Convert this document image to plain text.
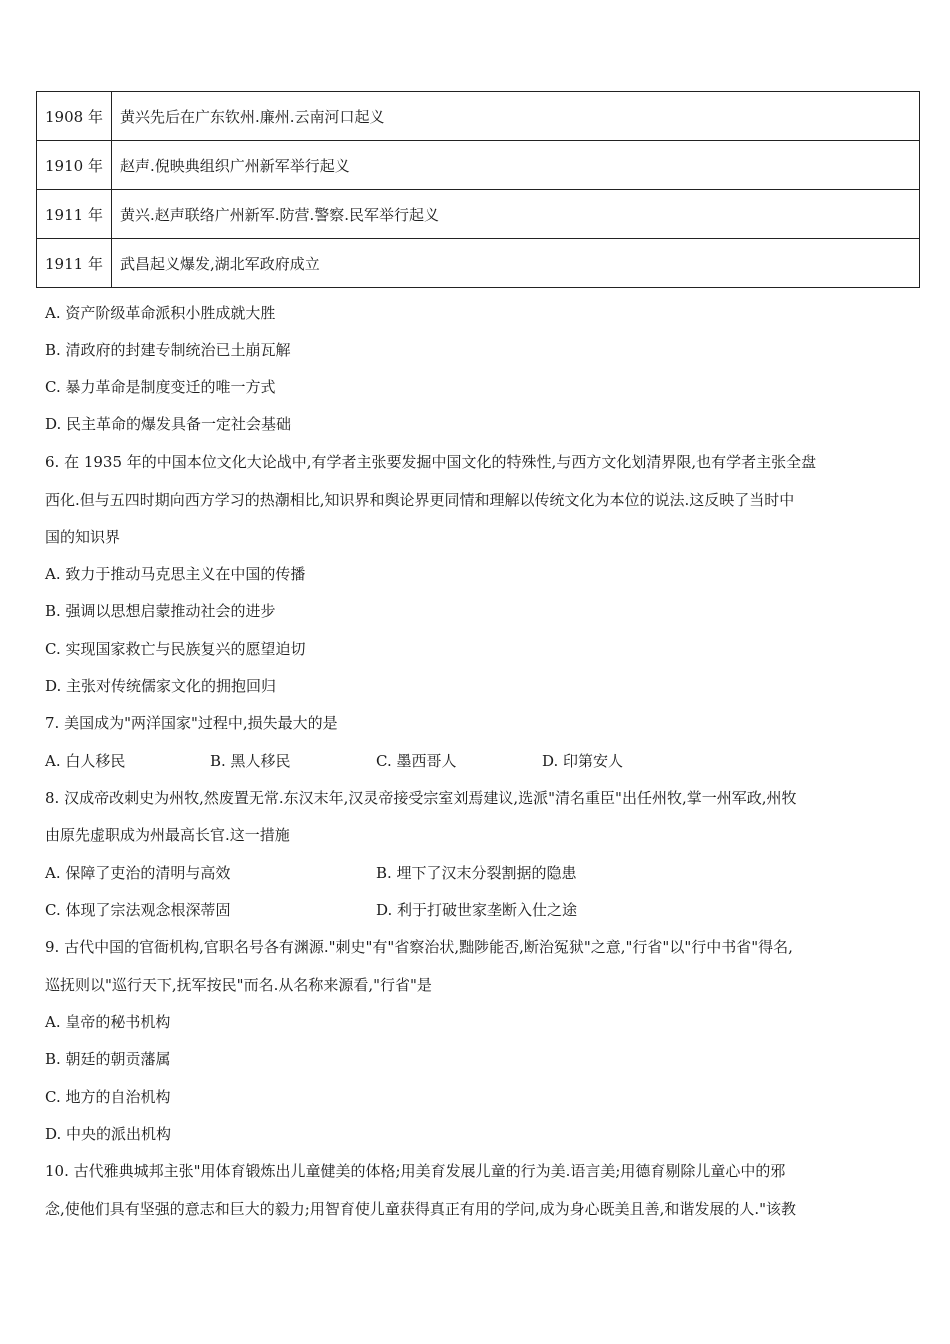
1908 年	黄兴先后在广东钦州.廉州.云南河口起义
1910 年	赵声.倪映典组织广州新军举行起义
1911 年	黄兴.赵声联络广州新军.防营.警察.民军举行起义
1911 年	武昌起义爆发,湖北军政府成立
A. 资产阶级革命派积小胜成就大胜
B. 清政府的封建专制统治已土崩瓦解
C. 暴力革命是制度变迁的唯一方式
D. 民主革命的爆发具备一定社会基础
6. 在 1935 年的中国本位文化大论战中,有学者主张要发掘中国文化的特殊性,与西方文化划清界限,也有学者主张全盘
西化.但与五四时期向西方学习的热潮相比,知识界和舆论界更同情和理解以传统文化为本位的说法.这反映了当时中
国的知识界
A. 致力于推动马克思主义在中国的传播
B. 强调以思想启蒙推动社会的进步
C. 实现国家救亡与民族复兴的愿望迫切
D. 主张对传统儒家文化的拥抱回归
7. 美国成为"两洋国家"过程中,损失最大的是
A. 白人移民	B. 黑人移民	C. 墨西哥人	D. 印第安人
8. 汉成帝改刺史为州牧,然废置无常.东汉末年,汉灵帝接受宗室刘焉建议,选派"清名重臣"出任州牧,掌一州军政,州牧
由原先虚职成为州最高长官.这一措施
A. 保障了吏治的清明与高效	B. 埋下了汉末分裂割据的隐患
C. 体现了宗法观念根深蒂固	D. 利于打破世家垄断入仕之途
9. 古代中国的官衙机构,官职名号各有渊源."刺史"有"省察治状,黜陟能否,断治冤狱"之意,"行省"以"行中书省"得名,
巡抚则以"巡行天下,抚军按民"而名.从名称来源看,"行省"是
A. 皇帝的秘书机构
B. 朝廷的朝贡藩属
C. 地方的自治机构
D. 中央的派出机构
10. 古代雅典城邦主张"用体育锻炼出儿童健美的体格;用美育发展儿童的行为美.语言美;用德育剔除儿童心中的邪
念,使他们具有坚强的意志和巨大的毅力;用智育使儿童获得真正有用的学问,成为身心既美且善,和谐发展的人."该教
